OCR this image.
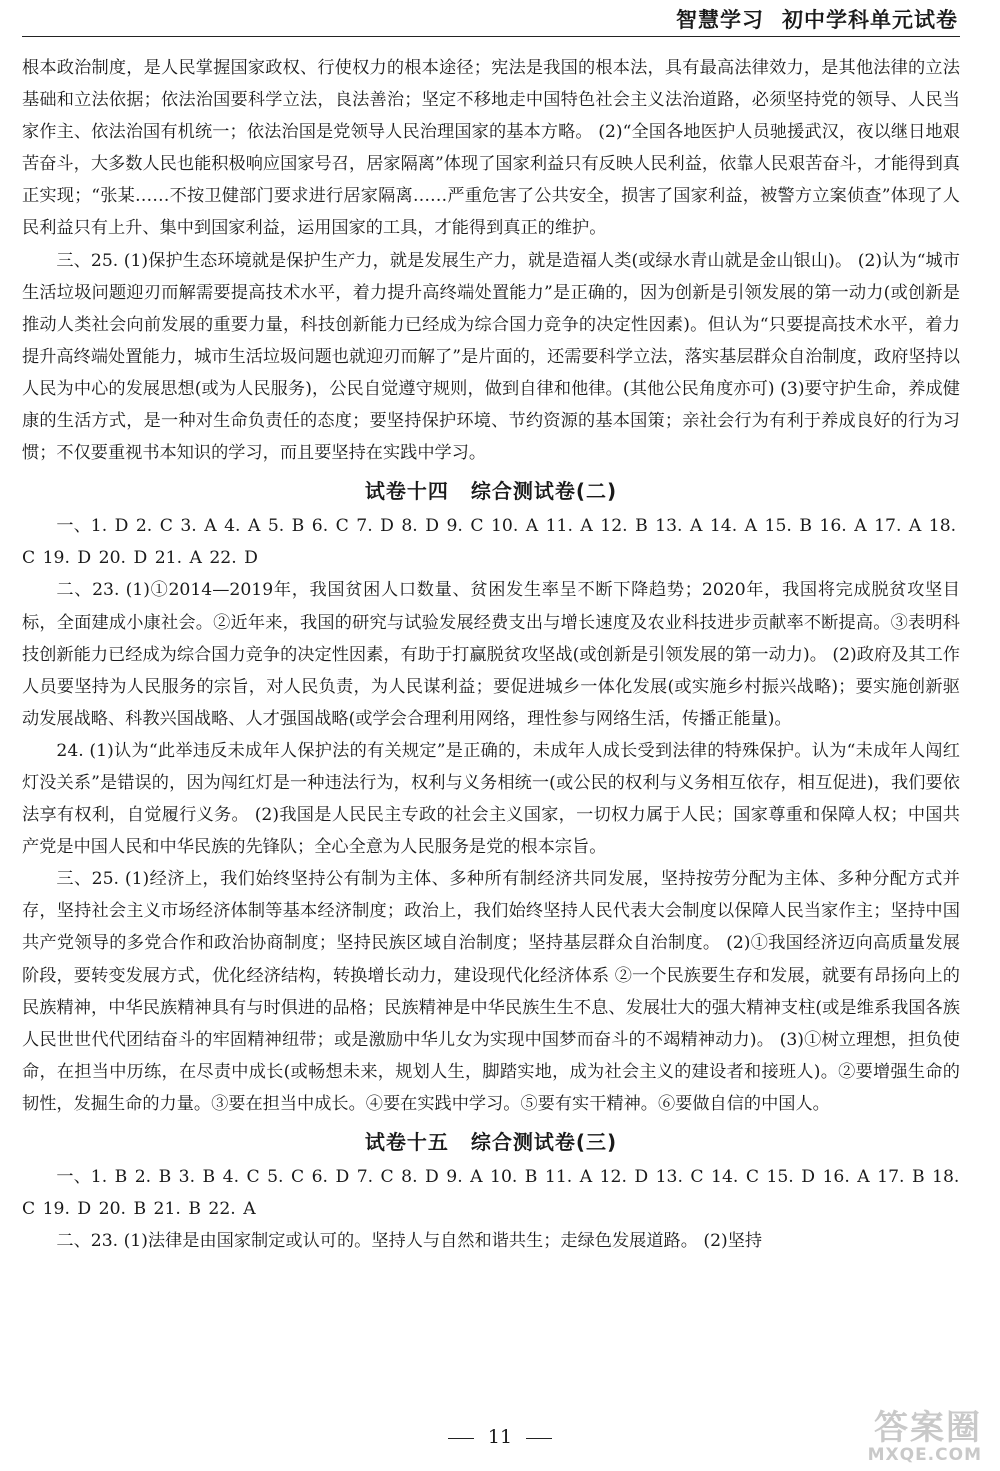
智慧学习 初中学科单元试卷

根本政治制度，是人民掌握国家政权、行使权力的根本途径；宪法是我国的根本法，具有最高法律效力，是其他法律的立法基础和立法依据；依法治国要科学立法，良法善治；坚定不移地走中国特色社会主义法治道路，必须坚持党的领导、人民当家作主、依法治国有机统一；依法治国是党领导人民治理国家的基本方略。 (2)“全国各地医护人员驰援武汉，夜以继日地艰苦奋斗，大多数人民也能积极响应国家号召，居家隔离”体现了国家利益只有反映人民利益，依靠人民艰苦奋斗，才能得到真正实现；“张某……不按卫健部门要求进行居家隔离……严重危害了公共安全，损害了国家利益，被警方立案侦查”体现了人民利益只有上升、集中到国家利益，运用国家的工具，才能得到真正的维护。

三、25. (1)保护生态环境就是保护生产力，就是发展生产力，就是造福人类(或绿水青山就是金山银山)。 (2)认为“城市生活垃圾问题迎刃而解需要提高技术水平，着力提升高终端处置能力”是正确的，因为创新是引领发展的第一动力(或创新是推动人类社会向前发展的重要力量，科技创新能力已经成为综合国力竞争的决定性因素)。但认为“只要提高技术水平，着力提升高终端处置能力，城市生活垃圾问题也就迎刃而解了”是片面的，还需要科学立法，落实基层群众自治制度，政府坚持以人民为中心的发展思想(或为人民服务)，公民自觉遵守规则，做到自律和他律。(其他公民角度亦可) (3)要守护生命，养成健康的生活方式，是一种对生命负责任的态度；要坚持保护环境、节约资源的基本国策；亲社会行为有利于养成良好的行为习惯；不仅要重视书本知识的学习，而且要坚持在实践中学习。

试卷十四 综合测试卷(二)

一、1. D 2. C 3. A 4. A 5. B 6. C 7. D 8. D 9. C 10. A 11. A 12. B 13. A 14. A 15. B 16. A 17. A 18. C 19. D 20. D 21. A 22. D

二、23. (1)①2014—2019年，我国贫困人口数量、贫困发生率呈不断下降趋势；2020年，我国将完成脱贫攻坚目标，全面建成小康社会。②近年来，我国的研究与试验发展经费支出与增长速度及农业科技进步贡献率不断提高。③表明科技创新能力已经成为综合国力竞争的决定性因素，有助于打赢脱贫攻坚战(或创新是引领发展的第一动力)。 (2)政府及其工作人员要坚持为人民服务的宗旨，对人民负责，为人民谋利益；要促进城乡一体化发展(或实施乡村振兴战略)；要实施创新驱动发展战略、科教兴国战略、人才强国战略(或学会合理利用网络，理性参与网络生活，传播正能量)。

24. (1)认为“此举违反未成年人保护法的有关规定”是正确的，未成年人成长受到法律的特殊保护。认为“未成年人闯红灯没关系”是错误的，因为闯红灯是一种违法行为，权利与义务相统一(或公民的权利与义务相互依存，相互促进)，我们要依法享有权利，自觉履行义务。 (2)我国是人民民主专政的社会主义国家，一切权力属于人民；国家尊重和保障人权；中国共产党是中国人民和中华民族的先锋队；全心全意为人民服务是党的根本宗旨。

三、25. (1)经济上，我们始终坚持公有制为主体、多种所有制经济共同发展，坚持按劳分配为主体、多种分配方式并存，坚持社会主义市场经济体制等基本经济制度；政治上，我们始终坚持人民代表大会制度以保障人民当家作主；坚持中国共产党领导的多党合作和政治协商制度；坚持民族区域自治制度；坚持基层群众自治制度。 (2)①我国经济迈向高质量发展阶段，要转变发展方式，优化经济结构，转换增长动力，建设现代化经济体系 ②一个民族要生存和发展，就要有昂扬向上的民族精神，中华民族精神具有与时俱进的品格；民族精神是中华民族生生不息、发展壮大的强大精神支柱(或是维系我国各族人民世世代代团结奋斗的牢固精神纽带；或是激励中华儿女为实现中国梦而奋斗的不竭精神动力)。 (3)①树立理想，担负使命，在担当中历练，在尽责中成长(或畅想未来，规划人生，脚踏实地，成为社会主义的建设者和接班人)。②要增强生命的韧性，发掘生命的力量。③要在担当中成长。④要在实践中学习。⑤要有实干精神。⑥要做自信的中国人。

试卷十五 综合测试卷(三)

一、1. B 2. B 3. B 4. C 5. C 6. D 7. C 8. D 9. A 10. B 11. A 12. D 13. C 14. C 15. D 16. A 17. B 18. C 19. D 20. B 21. B 22. A

二、23. (1)法律是由国家制定或认可的。坚持人与自然和谐共生；走绿色发展道路。 (2)坚持

11	答案圈
MXQE.COM
